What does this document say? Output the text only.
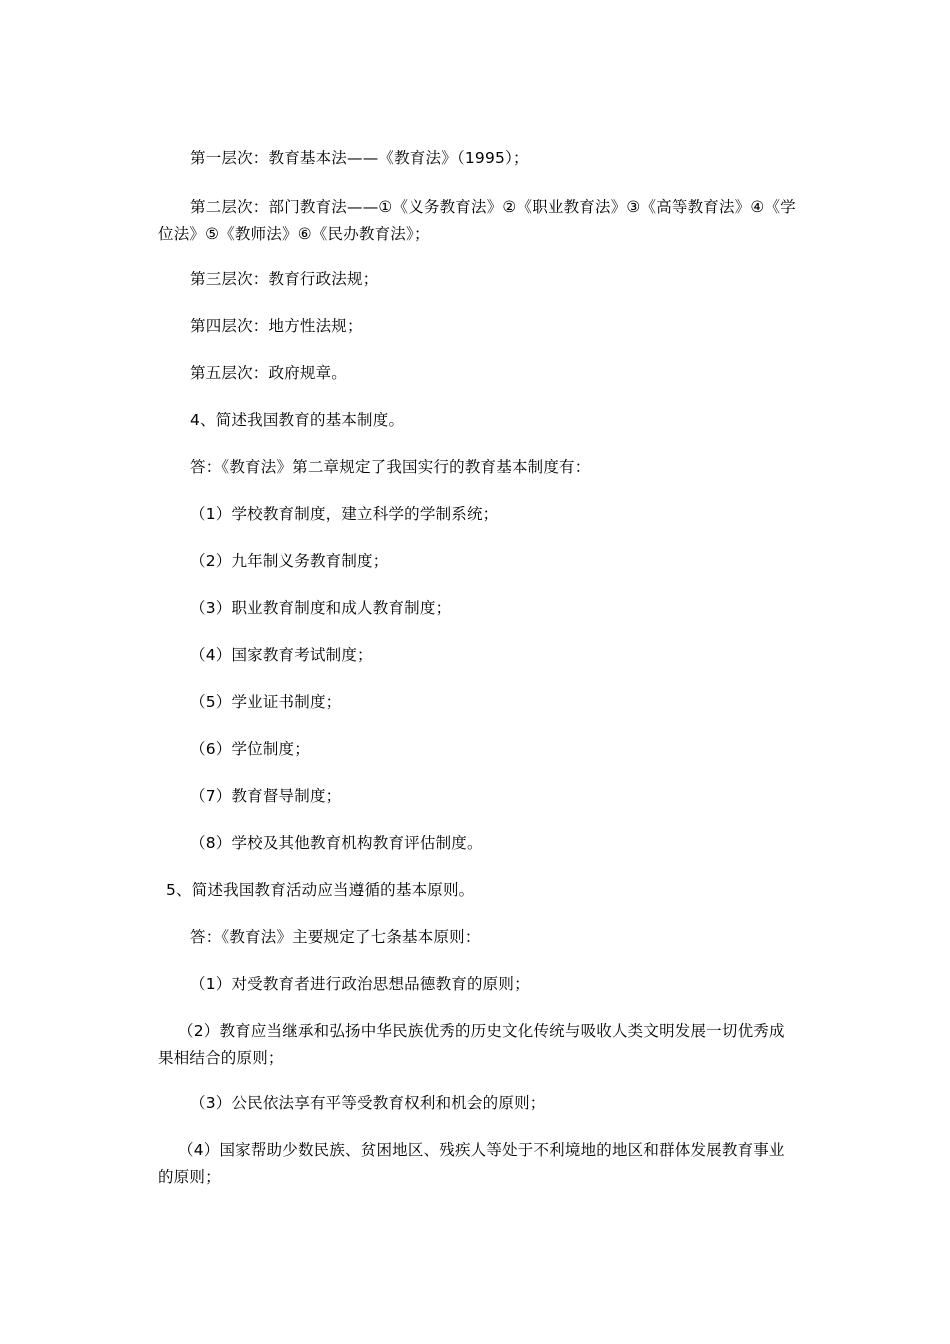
第一层次：教育基本法——《教育法》（1995）；
第二层次：部门教育法——①《义务教育法》②《职业教育法》③《高等教育法》④《学位法》⑤《教师法》⑥《民办教育法》；
第三层次：教育行政法规；
第四层次：地方性法规；
第五层次：政府规章。
4、简述我国教育的基本制度。
答：《教育法》第二章规定了我国实行的教育基本制度有：
（1）学校教育制度，建立科学的学制系统；
（2）九年制义务教育制度；
（3）职业教育制度和成人教育制度；
（4）国家教育考试制度；
（5）学业证书制度；
（6）学位制度；
（7）教育督导制度；
（8）学校及其他教育机构教育评估制度。
5、简述我国教育活动应当遵循的基本原则。
答：《教育法》主要规定了七条基本原则：
（1）对受教育者进行政治思想品德教育的原则；
（2）教育应当继承和弘扬中华民族优秀的历史文化传统与吸收人类文明发展一切优秀成果相结合的原则；
（3）公民依法享有平等受教育权利和机会的原则；
（4）国家帮助少数民族、贫困地区、残疾人等处于不利境地的地区和群体发展教育事业的原则；
